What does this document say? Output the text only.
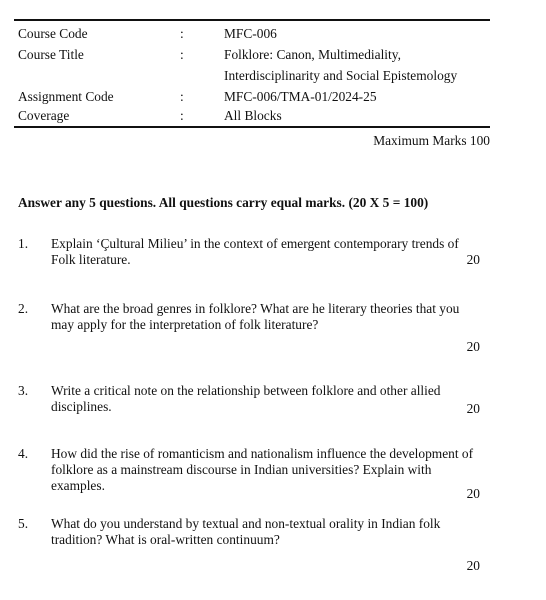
Course Code	:	MFC-006
Course Title	:	Folklore: Canon, Multimediality,
Interdisciplinarity and Social Epistemology
Assignment Code	:	MFC-006/TMA-01/2024-25
Coverage	:	All Blocks
Maximum Marks 100
Answer any 5 questions. All questions carry equal marks. (20 X 5 = 100)
1. Explain ‘Çultural Milieu’ in the context of emergent contemporary trends of
Folk literature.	20
2. What are the broad genres in folklore? What are he literary theories that you
may apply for the interpretation of folk literature?
20
3. Write a critical note on the relationship between folklore and other allied
disciplines.	20
4. How did the rise of romanticism and nationalism influence the development of
folklore as a mainstream discourse in Indian universities? Explain with
examples.
20
5. What do you understand by textual and non-textual orality in Indian folk
tradition? What is oral-written continuum?
20
